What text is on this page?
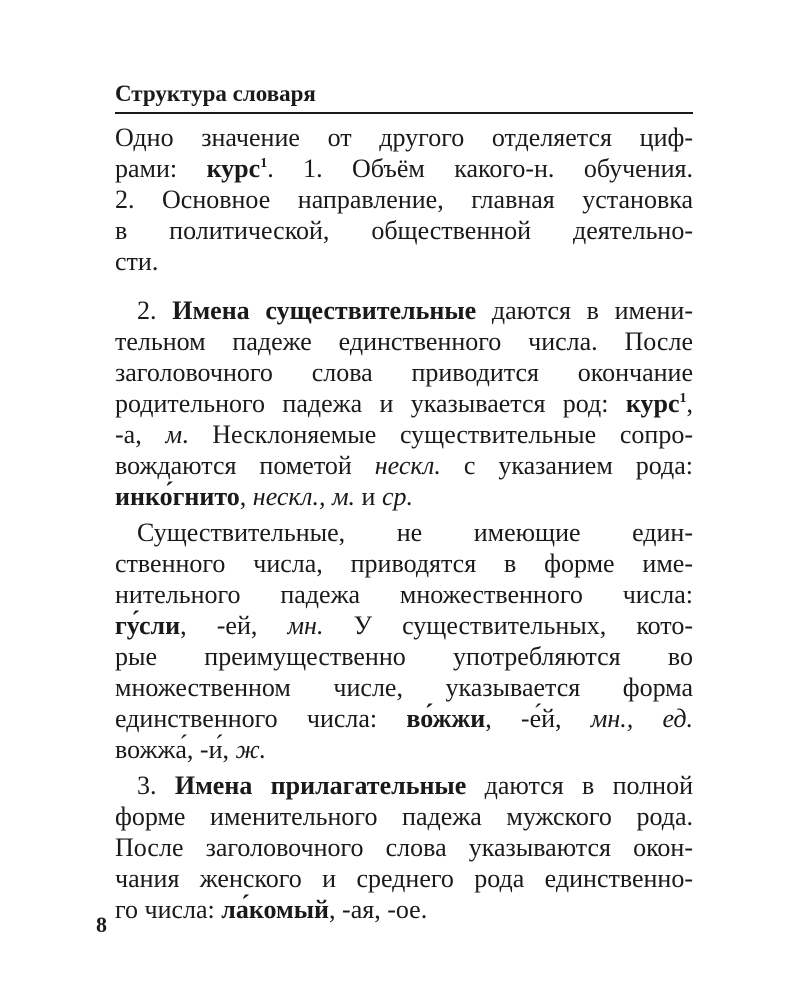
Структура словаря
Одно значение от другого отделяется циф-
рами: курс$^1$. 1. Объём какого-н. обучения.
2. Основное направление, главная установка
в политической, общественной деятельно-
сти.
2. Имена существительные даются в имени-
тельном падеже единственного числа. После
заголовочного слова приводится окончание
родительного падежа и указывается род: курс$^1$,
-а, м. Несклоняемые существительные сопро-
вождаются пометой нескл. с указанием рода:
инко́гнито, нескл., м. и ср.
Существительные, не имеющие един-
ственного числа, приводятся в форме име-
нительного падежа множественного числа:
гу́сли, -ей, мн. У существительных, кото-
рые преимущественно употребляются во
множественном числе, указывается форма
единственного числа: во́жжи, -е́й, мн., ед.
вожжа́, -и́, ж.
3. Имена прилагательные даются в полной
форме именительного падежа мужского рода.
После заголовочного слова указываются окон-
чания женского и среднего рода единственно-
го числа: ла́комый, -ая, -ое.
8
